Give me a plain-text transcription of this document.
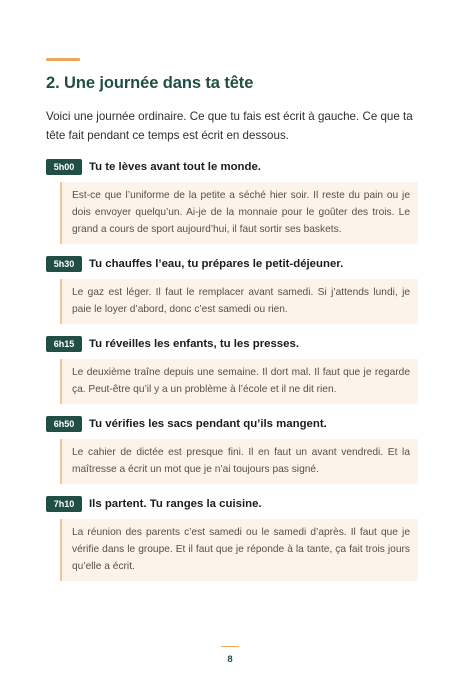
2. Une journée dans ta tête

Voici une journée ordinaire. Ce que tu fais est écrit à gauche. Ce que ta tête fait pendant ce temps est écrit en dessous.

5h00	Tu te lèves avant tout le monde.
Est-ce que l’uniforme de la petite a séché hier soir. Il reste du pain ou je dois envoyer quelqu’un. Ai-je de la monnaie pour le goûter des trois. Le grand a cours de sport aujourd’hui, il faut sortir ses baskets.
5h30	Tu chauffes l’eau, tu prépares le petit-déjeuner.
Le gaz est léger. Il faut le remplacer avant samedi. Si j’attends lundi, je paie le loyer d’abord, donc c’est samedi ou rien.
6h15	Tu réveilles les enfants, tu les presses.
Le deuxième traîne depuis une semaine. Il dort mal. Il faut que je regarde ça. Peut-être qu’il y a un problème à l’école et il ne dit rien.
6h50	Tu vérifies les sacs pendant qu’ils mangent.
Le cahier de dictée est presque fini. Il en faut un avant vendredi. Et la maîtresse a écrit un mot que je n’ai toujours pas signé.
7h10	Ils partent. Tu ranges la cuisine.
La réunion des parents c’est samedi ou le samedi d’après. Il faut que je vérifie dans le groupe. Et il faut que je réponde à la tante, ça fait trois jours qu’elle a écrit.
8
